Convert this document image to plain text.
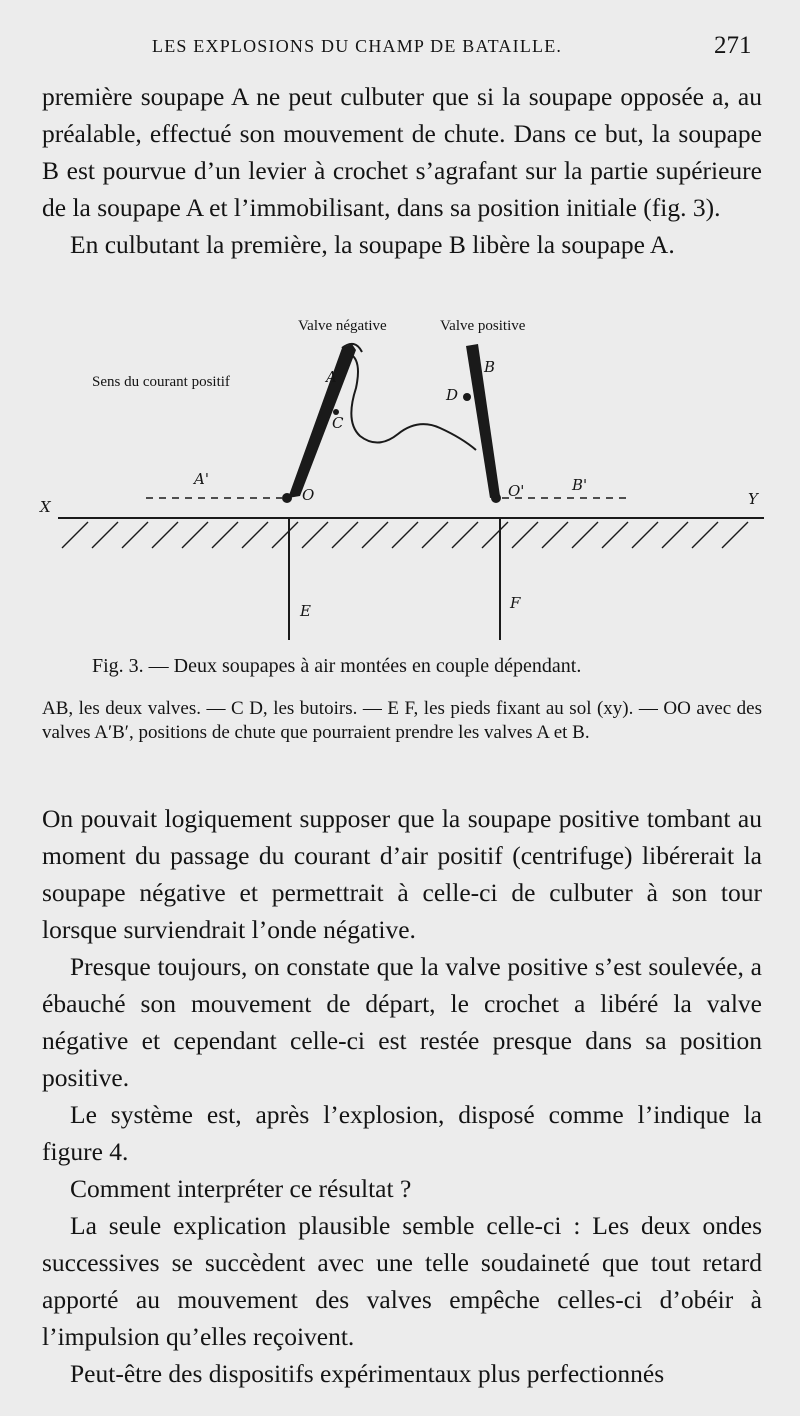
LES EXPLOSIONS DU CHAMP DE BATAILLE.	271

première soupape A ne peut culbuter que si la soupape opposée a, au préalable, effectué son mouvement de chute. Dans ce but, la soupape B est pourvue d’un levier à crochet s’agrafant sur la partie supérieure de la soupape A et l’immobilisant, dans sa position initiale (fig. 3).

En culbutant la première, la soupape B libère la soupape A.

Valve négative	Valve positive
Sens du courant positif	A
B
C
D
E	F
A'	B'
O	O'
X	Y
Fig. 3. — Deux soupapes à air montées en couple dépendant.
AB, les deux valves. — C D, les butoirs. — E F, les pieds fixant au sol (xy). — OO avec des valves A′B′, positions de chute que pourraient prendre les valves A et B.

On pouvait logiquement supposer que la soupape positive tombant au moment du passage du courant d’air positif (centrifuge) libérerait la soupape négative et permettrait à celle-ci de culbuter à son tour lorsque surviendrait l’onde négative.

Presque toujours, on constate que la valve positive s’est soulevée, a ébauché son mouvement de départ, le crochet a libéré la valve négative et cependant celle-ci est restée presque dans sa position positive.

Le système est, après l’explosion, disposé comme l’indique la figure 4.

Comment interpréter ce résultat ?

La seule explication plausible semble celle-ci : Les deux ondes successives se succèdent avec une telle soudaineté que tout retard apporté au mouvement des valves empêche celles-ci d’obéir à l’impulsion qu’elles reçoivent.

Peut-être des dispositifs expérimentaux plus perfectionnés
